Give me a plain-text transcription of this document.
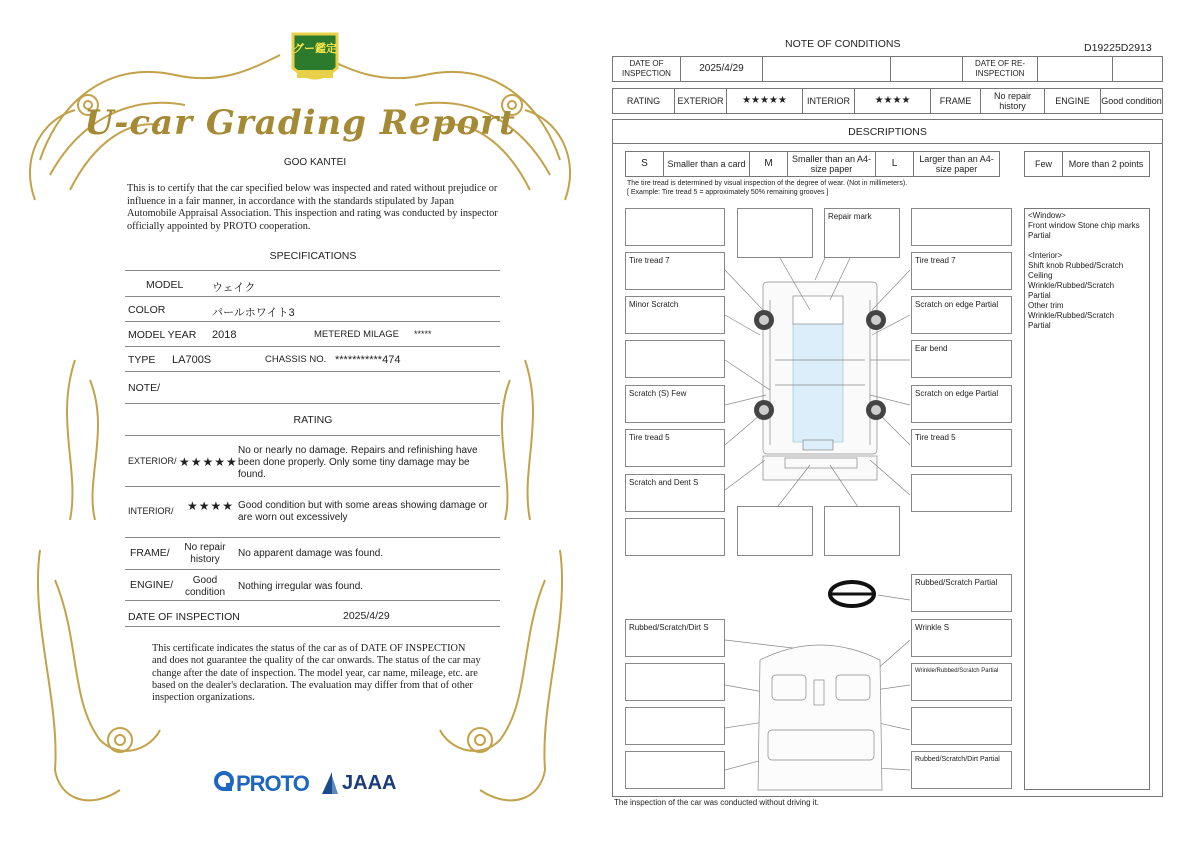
グー鑑定
U-car Grading Report
GOO KANTEI
This is to certify that the car specified below was inspected and rated without prejudice or influence in a fair manner, in accordance with the standards stipulated by Japan Automobile Appraisal Association. This inspection and rating was conducted by inspector officially appointed by PROTO cooperation.
SPECIFICATIONS
MODEL	ウェイク
COLOR	パールホワイト3
MODEL YEAR 2018	METERED MILAGE *****
TYPE LA700S	CHASSIS NO. ***********474
NOTE/
RATING
EXTERIOR/ ★★★★★
No or nearly no damage. Repairs and refinishing have been done properly. Only some tiny damage may be found.
INTERIOR/ ★★★★ Good condition but with some areas showing damage or are worn out excessively
FRAME/	No repair history
No apparent damage was found.
ENGINE/	Good condition
Nothing irregular was found.
DATE OF INSPECTION	2025/4/29
This certificate indicates the status of the car as of DATE OF INSPECTION and does not guarantee the quality of the car onwards. The status of the car may change after the date of inspection. The model year, car name, mileage, etc. are based on the dealer's declaration. The evaluation may differ from that of other inspection organizations.
PROTO JAAA
NOTE OF CONDITIONS	D19225D2913
DATE OF INSPECTION	2025/4/29	DATE OF RE-INSPECTION
RATING	EXTERIOR	★★★★★	INTERIOR	★★★★	FRAME	No repair history	ENGINE	Good condition
DESCRIPTIONS
S	Smaller than a card	M	Smaller than an A4-size paper	L	Larger than an A4-size paper	Few	More than 2 points
The tire tread is determined by visual inspection of the degree of wear. (Not in millimeters).
[ Example: Tire tread 5 = approximately 50% remaining grooves ]
Repair mark
Tire tread 7	Tire tread 7
Minor Scratch	Scratch on edge Partial
Ear bend
Scratch (S) Few	Scratch on edge Partial
Tire tread 5	Tire tread 5
Scratch and Dent S
Rubbed/Scratch Partial
Rubbed/Scratch/Dirt S	Wrinkle S
Wrinkle/Rubbed/Scratch Partial
Rubbed/Scratch/Dirt Partial
<Window>
Front window Stone chip marks Partial

<Interior>
Shift knob Rubbed/Scratch
Ceiling
Wrinkle/Rubbed/Scratch
Partial
Other trim
Wrinkle/Rubbed/Scratch
Partial
The inspection of the car was conducted without driving it.
